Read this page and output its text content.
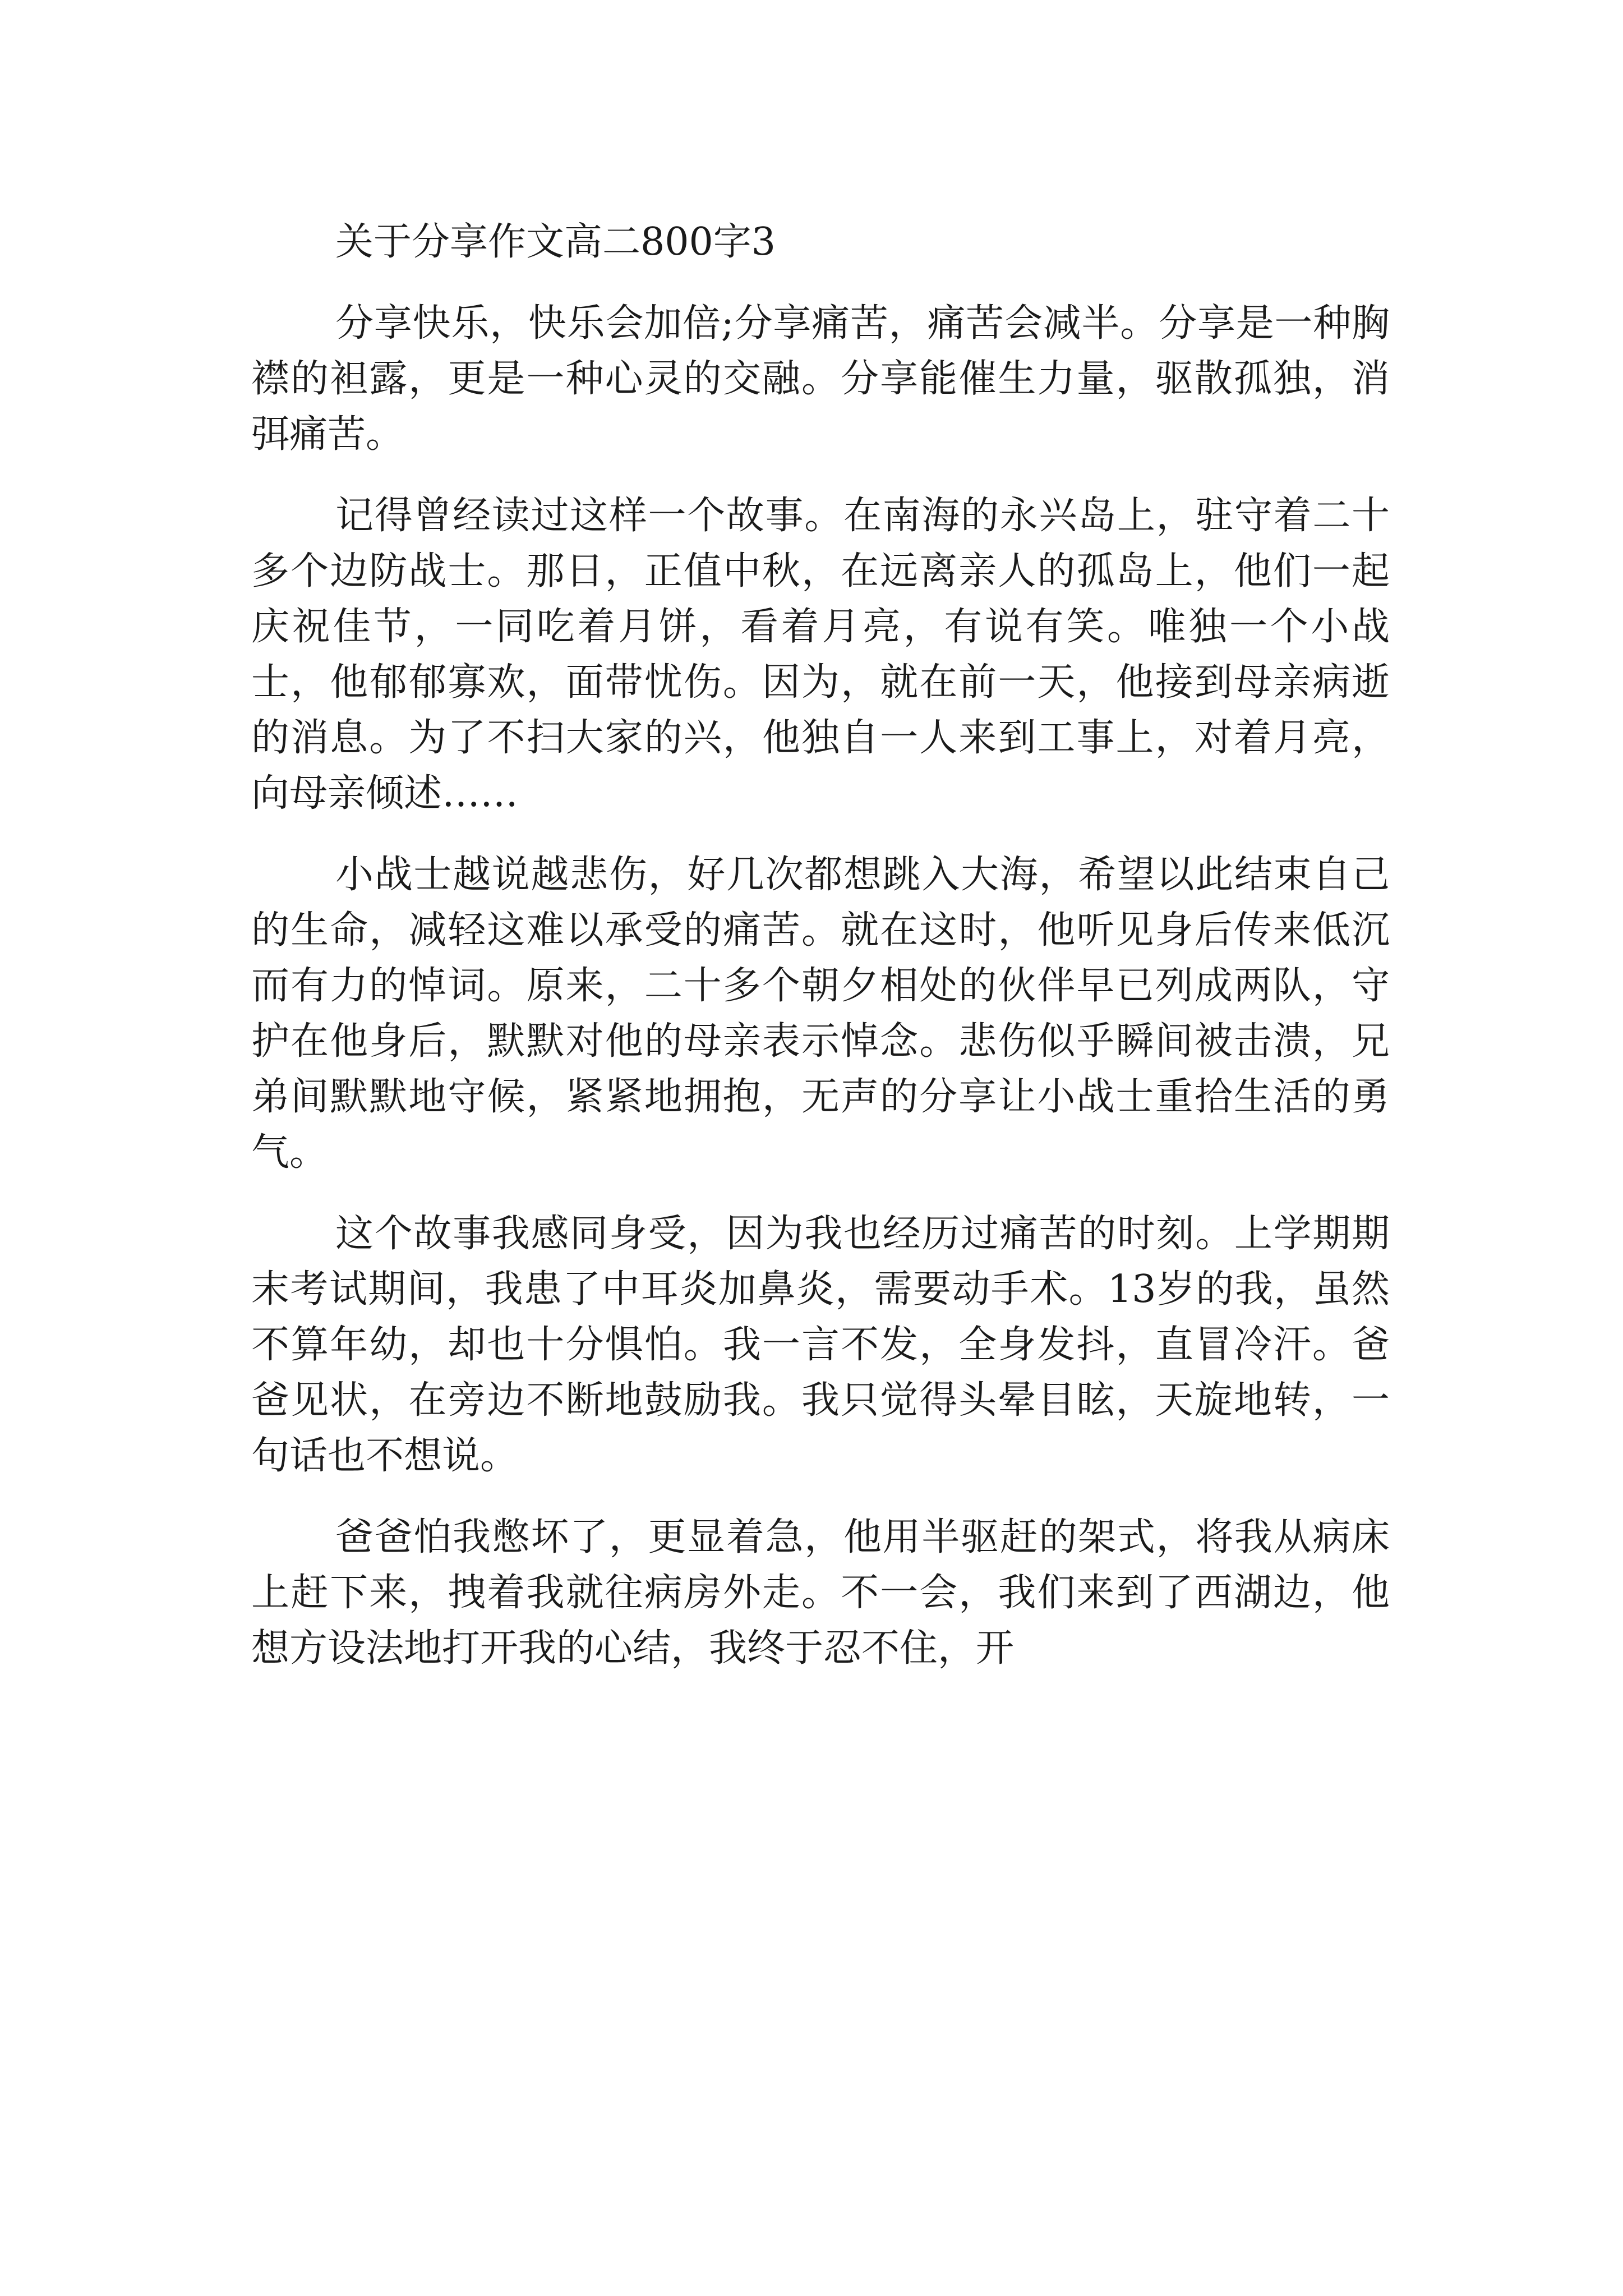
关于分享作文高二800字3

分享快乐，快乐会加倍;分享痛苦，痛苦会减半。分享是一种胸襟的袒露，更是一种心灵的交融。分享能催生力量，驱散孤独，消弭痛苦。

记得曾经读过这样一个故事。在南海的永兴岛上，驻守着二十多个边防战士。那日，正值中秋，在远离亲人的孤岛上，他们一起庆祝佳节，一同吃着月饼，看着月亮，有说有笑。唯独一个小战士，他郁郁寡欢，面带忧伤。因为，就在前一天，他接到母亲病逝的消息。为了不扫大家的兴，他独自一人来到工事上，对着月亮，向母亲倾述……

小战士越说越悲伤，好几次都想跳入大海，希望以此结束自己的生命，减轻这难以承受的痛苦。就在这时，他听见身后传来低沉而有力的悼词。原来，二十多个朝夕相处的伙伴早已列成两队，守护在他身后，默默对他的母亲表示悼念。悲伤似乎瞬间被击溃，兄弟间默默地守候，紧紧地拥抱，无声的分享让小战士重拾生活的勇气。

这个故事我感同身受，因为我也经历过痛苦的时刻。上学期期末考试期间，我患了中耳炎加鼻炎，需要动手术。13岁的我，虽然不算年幼，却也十分惧怕。我一言不发，全身发抖，直冒冷汗。爸爸见状，在旁边不断地鼓励我。我只觉得头晕目眩，天旋地转，一句话也不想说。

爸爸怕我憋坏了，更显着急，他用半驱赶的架式，将我从病床上赶下来，拽着我就往病房外走。不一会，我们来到了西湖边，他想方设法地打开我的心结，我终于忍不住，开
